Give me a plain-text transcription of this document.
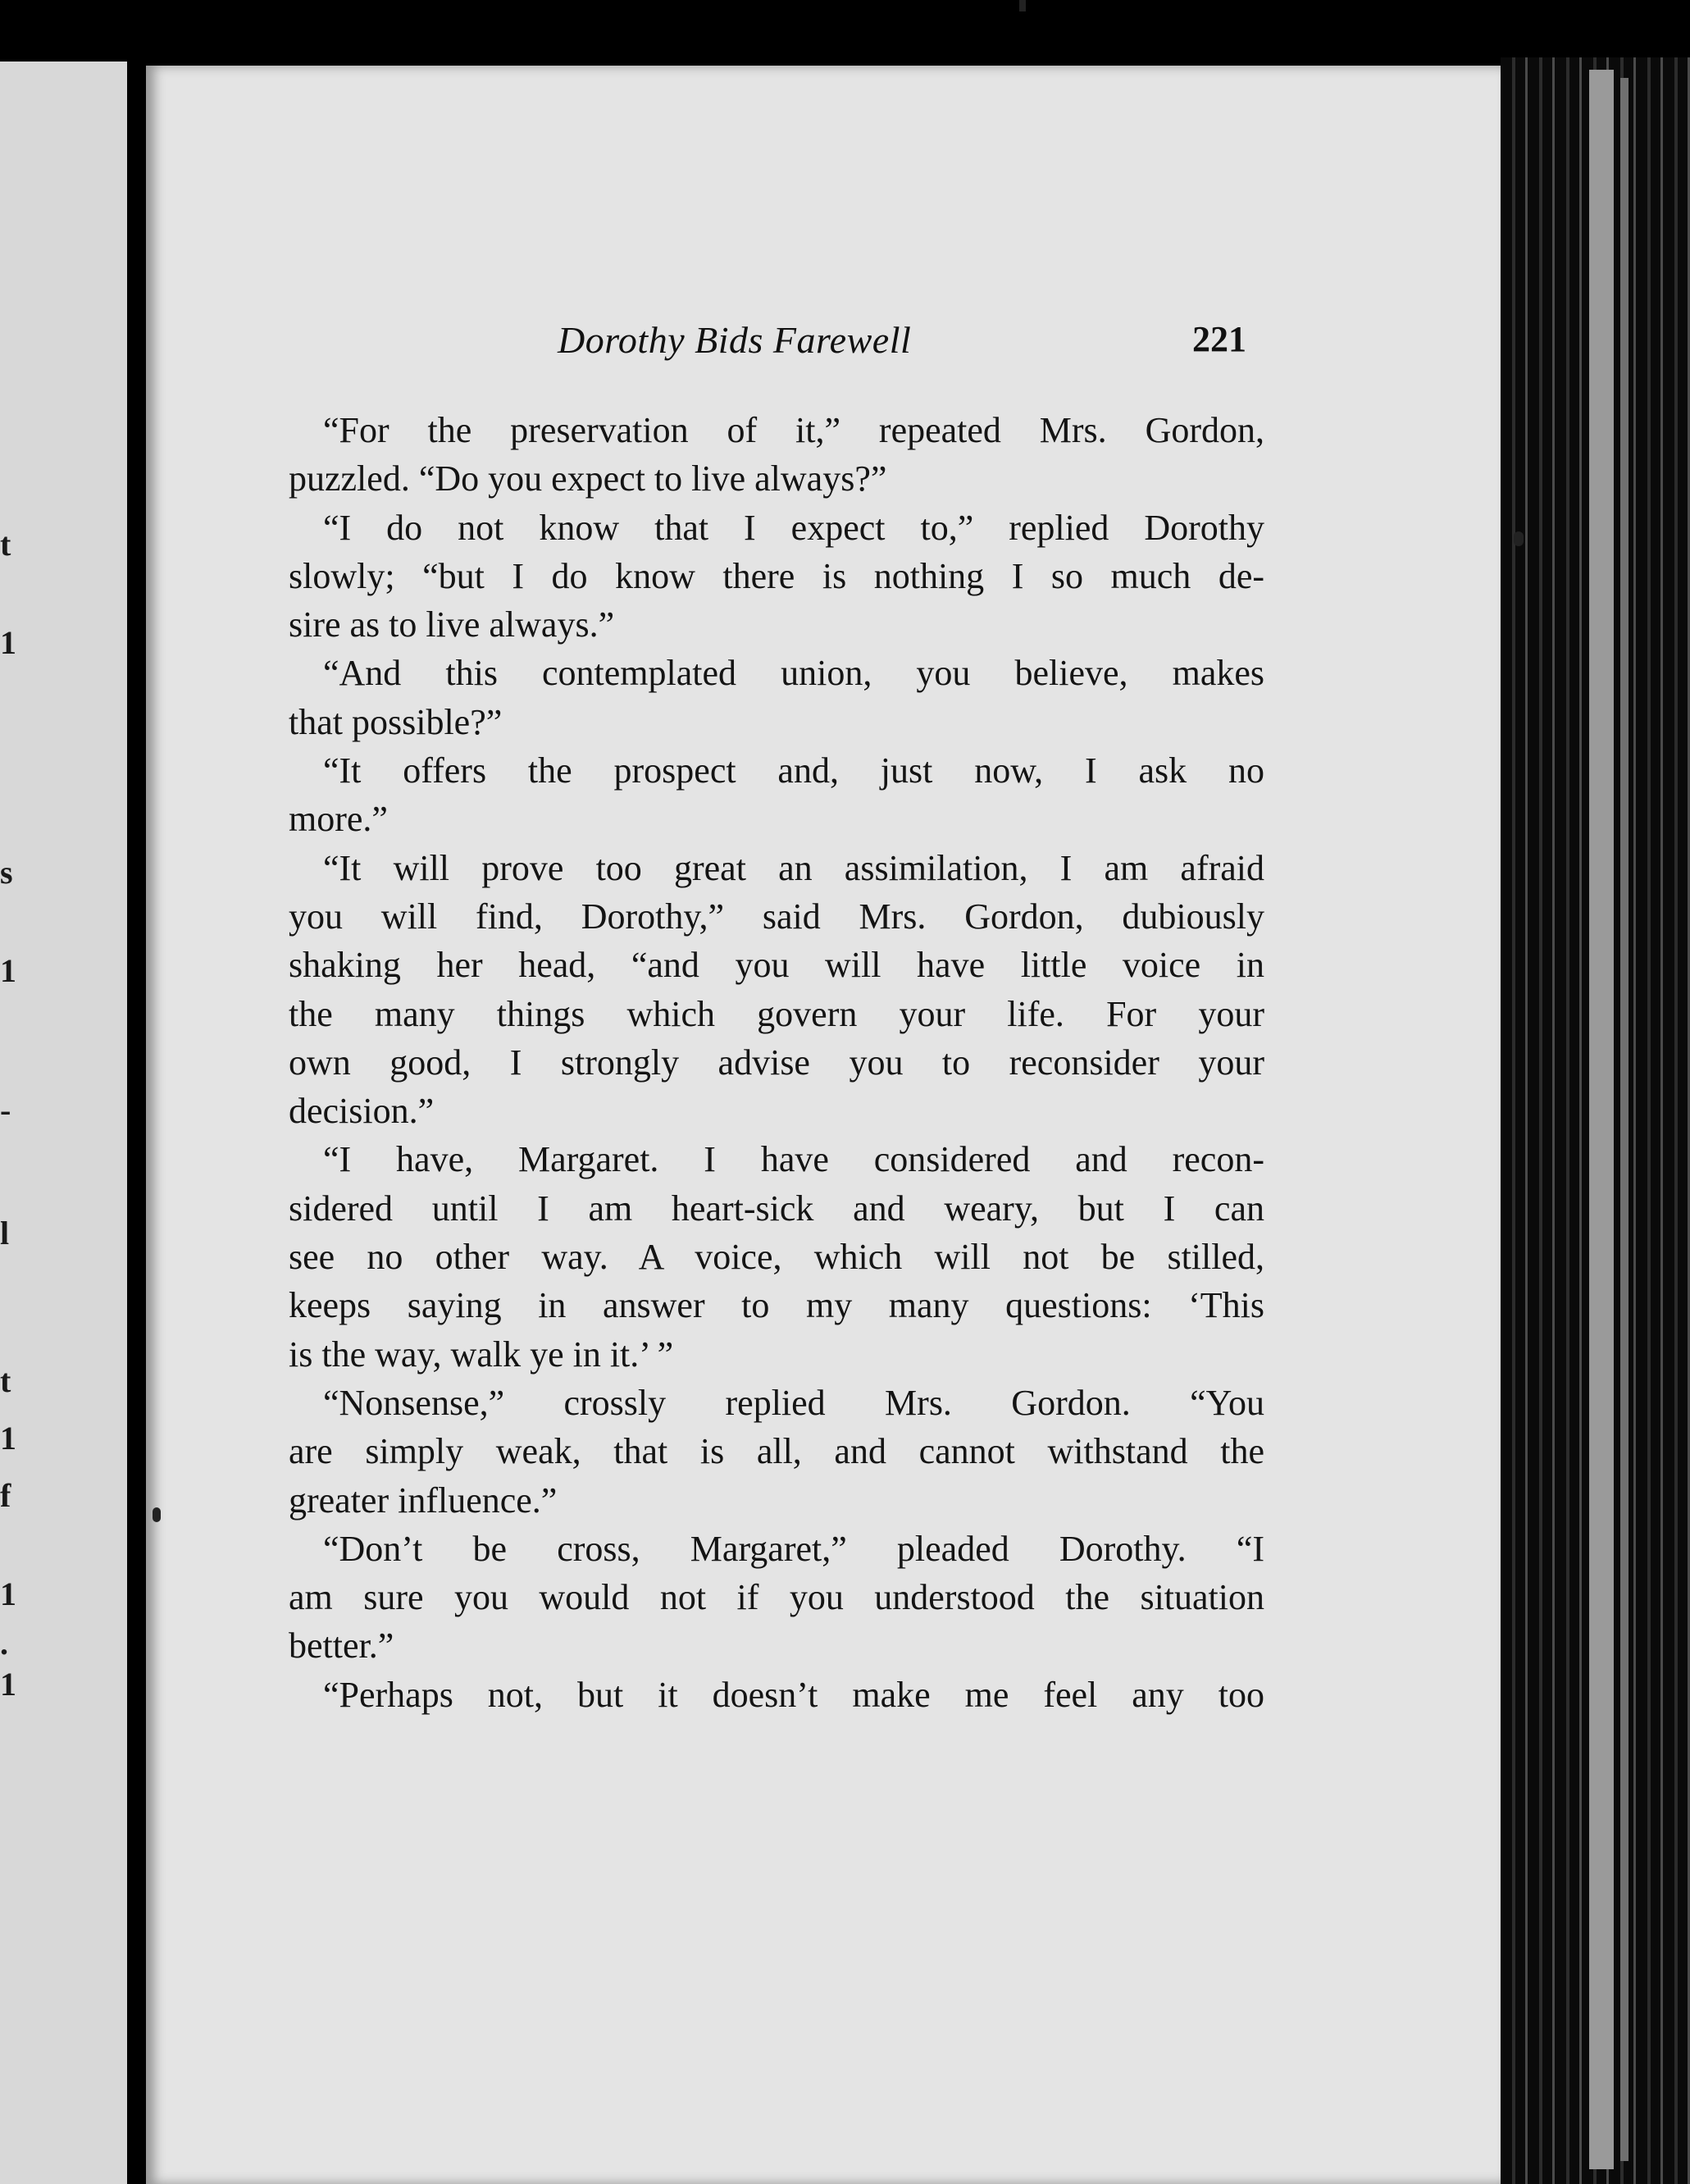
t
1
s
1
-
l
t
1
f
1
.
1
Dorothy Bids Farewell	221
“For the preservation of it,” repeated Mrs. Gordon,
puzzled. “Do you expect to live always?”
“I do not know that I expect to,” replied Dorothy
slowly; “but I do know there is nothing I so much de-
sire as to live always.”
“And this contemplated union, you believe, makes
that possible?”
“It offers the prospect and, just now, I ask no
more.”
“It will prove too great an assimilation, I am afraid
you will find, Dorothy,” said Mrs. Gordon, dubiously
shaking her head, “and you will have little voice in
the many things which govern your life. For your
own good, I strongly advise you to reconsider your
decision.”
“I have, Margaret. I have considered and recon-
sidered until I am heart-sick and weary, but I can
see no other way. A voice, which will not be stilled,
keeps saying in answer to my many questions: ‘This
is the way, walk ye in it.’ ”
“Nonsense,” crossly replied Mrs. Gordon. “You
are simply weak, that is all, and cannot withstand the
greater influence.”
“Don’t be cross, Margaret,” pleaded Dorothy. “I
am sure you would not if you understood the situation
better.”
“Perhaps not, but it doesn’t make me feel any too
